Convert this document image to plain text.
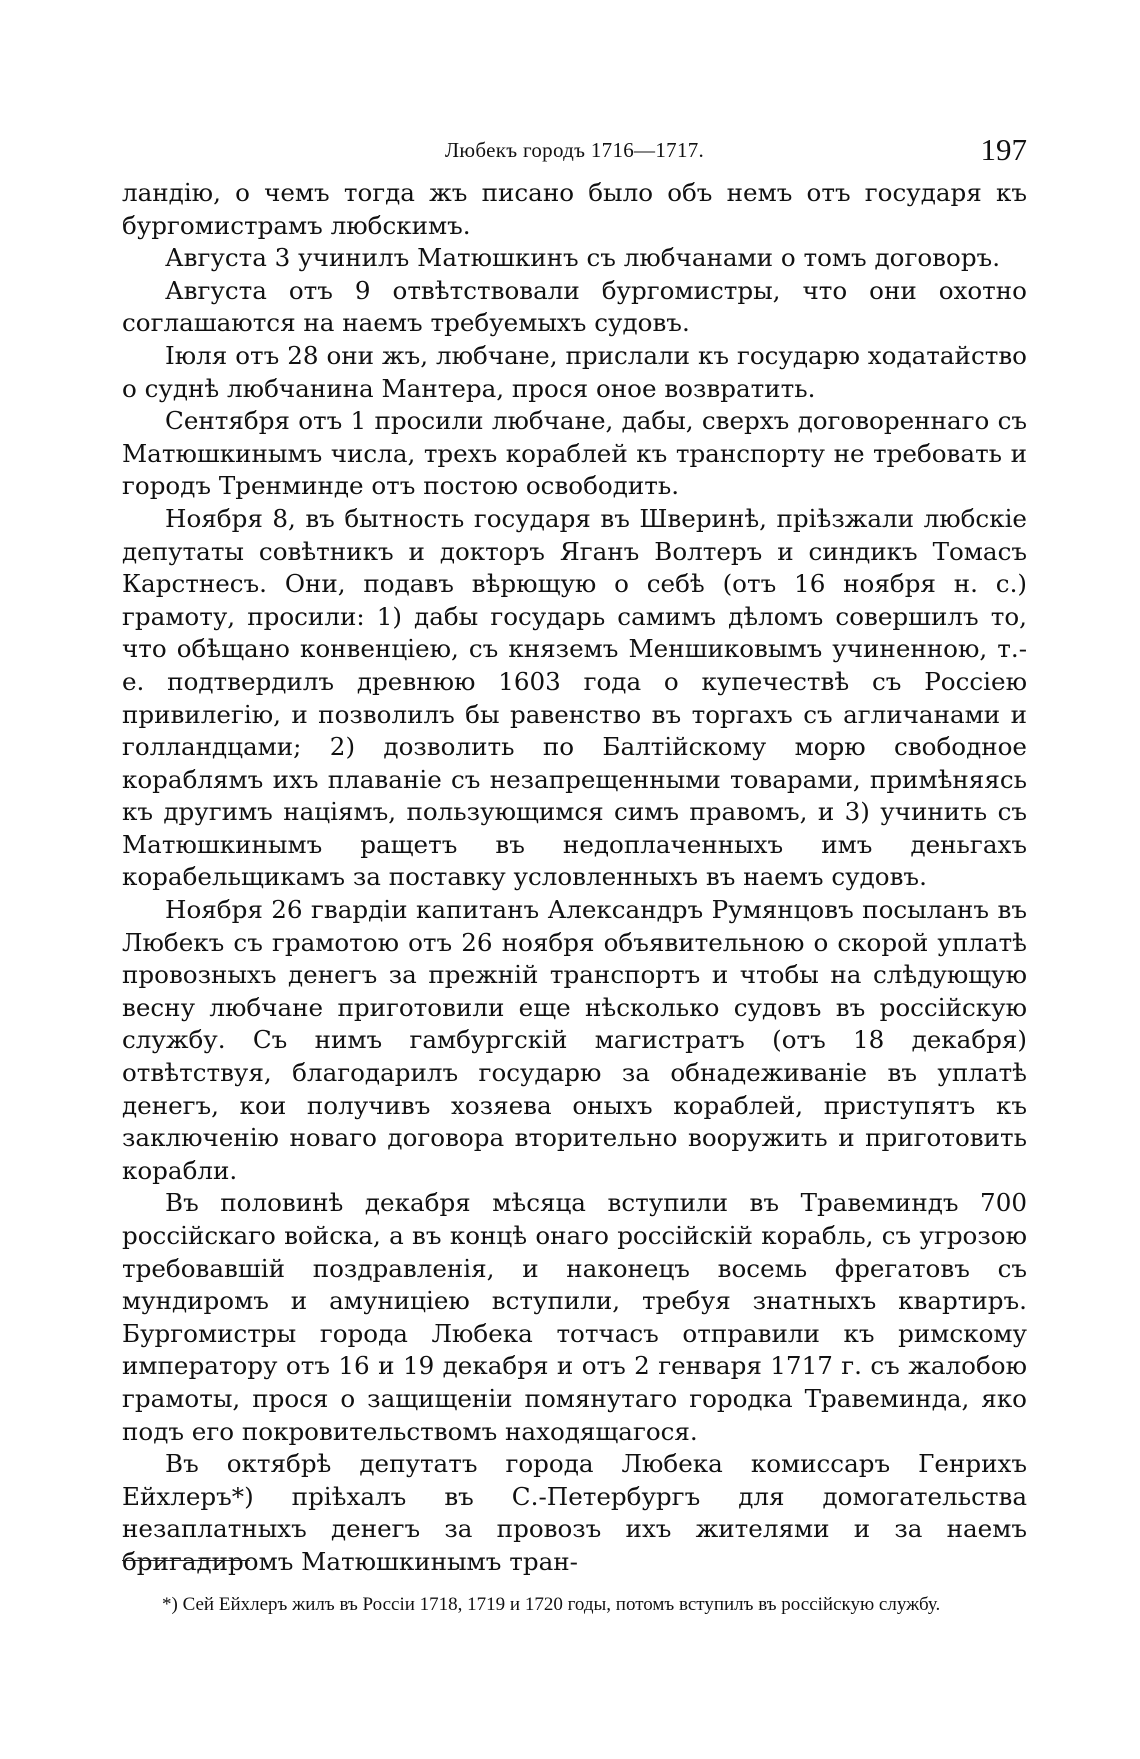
Любекъ городъ 1716—1717.	197

ландію, о чемъ тогда жъ писано было объ немъ отъ государя къ бургомистрамъ любскимъ.

Августа 3 учинилъ Матюшкинъ съ любчанами о томъ договоръ.

Августа отъ 9 отвѣтствовали бургомистры, что они охотно соглашаются на наемъ требуемыхъ судовъ.

Іюля отъ 28 они жъ, любчане, прислали къ государю ходатайство о суднѣ любчанина Мантера, прося оное возвратить.

Сентября отъ 1 просили любчане, дабы, сверхъ договореннаго съ Матюшкинымъ числа, трехъ кораблей къ транспорту не требовать и городъ Тренминде отъ постою освободить.

Ноября 8, въ бытность государя въ Шверинѣ, пріѣзжали любскіе депутаты совѣтникъ и докторъ Яганъ Волтеръ и синдикъ Томасъ Карстнесъ. Они, подавъ вѣрющую о себѣ (отъ 16 ноября н. с.) грамоту, просили: 1) дабы государь самимъ дѣломъ совершилъ то, что обѣщано конвенціею, съ княземъ Меншиковымъ учиненною, т.-е. подтвердилъ древнюю 1603 года о купечествѣ съ Россіею привилегію, и позволилъ бы равенство въ торгахъ съ агличанами и голландцами; 2) дозволить по Балтійскому морю свободное кораблямъ ихъ плаваніе съ незапрещенными товарами, примѣняясь къ другимъ націямъ, пользующимся симъ правомъ, и 3) учинить съ Матюшкинымъ ращетъ въ недоплаченныхъ имъ деньгахъ корабельщикамъ за поставку условленныхъ въ наемъ судовъ.

Ноября 26 гвардіи капитанъ Александръ Румянцовъ посыланъ въ Любекъ съ грамотою отъ 26 ноября объявительною о скорой уплатѣ провозныхъ денегъ за прежній транспортъ и чтобы на слѣдующую весну любчане приготовили еще нѣсколько судовъ въ россійскую службу. Съ нимъ гамбургскій магистратъ (отъ 18 декабря) отвѣтствуя, благодарилъ государю за обнадеживаніе въ уплатѣ денегъ, кои получивъ хозяева оныхъ кораблей, приступятъ къ заключенію новаго договора вторительно вооружить и приготовить корабли.

Въ половинѣ декабря мѣсяца вступили въ Травеминдъ 700 россійскаго войска, а въ концѣ онаго россійскій корабль, съ угрозою требовавшій поздравленія, и наконецъ восемь фрегатовъ съ мундиромъ и амуниціею вступили, требуя знатныхъ квартиръ. Бургомистры города Любека тотчасъ отправили къ римскому императору отъ 16 и 19 декабря и отъ 2 генваря 1717 г. съ жалобою грамоты, прося о защищеніи помянутаго городка Травеминда, яко подъ его покровительствомъ находящагося.

Въ октябрѣ депутатъ города Любека комиссаръ Генрихъ Ейхлеръ*) пріѣхалъ въ С.-Петербургъ для домогательства незаплатныхъ денегъ за провозъ ихъ жителями и за наемъ бригадиромъ Матюшкинымъ тран-

*) Сей Ейхлеръ жилъ въ Россіи 1718, 1719 и 1720 годы, потомъ вступилъ въ россійскую службу.
